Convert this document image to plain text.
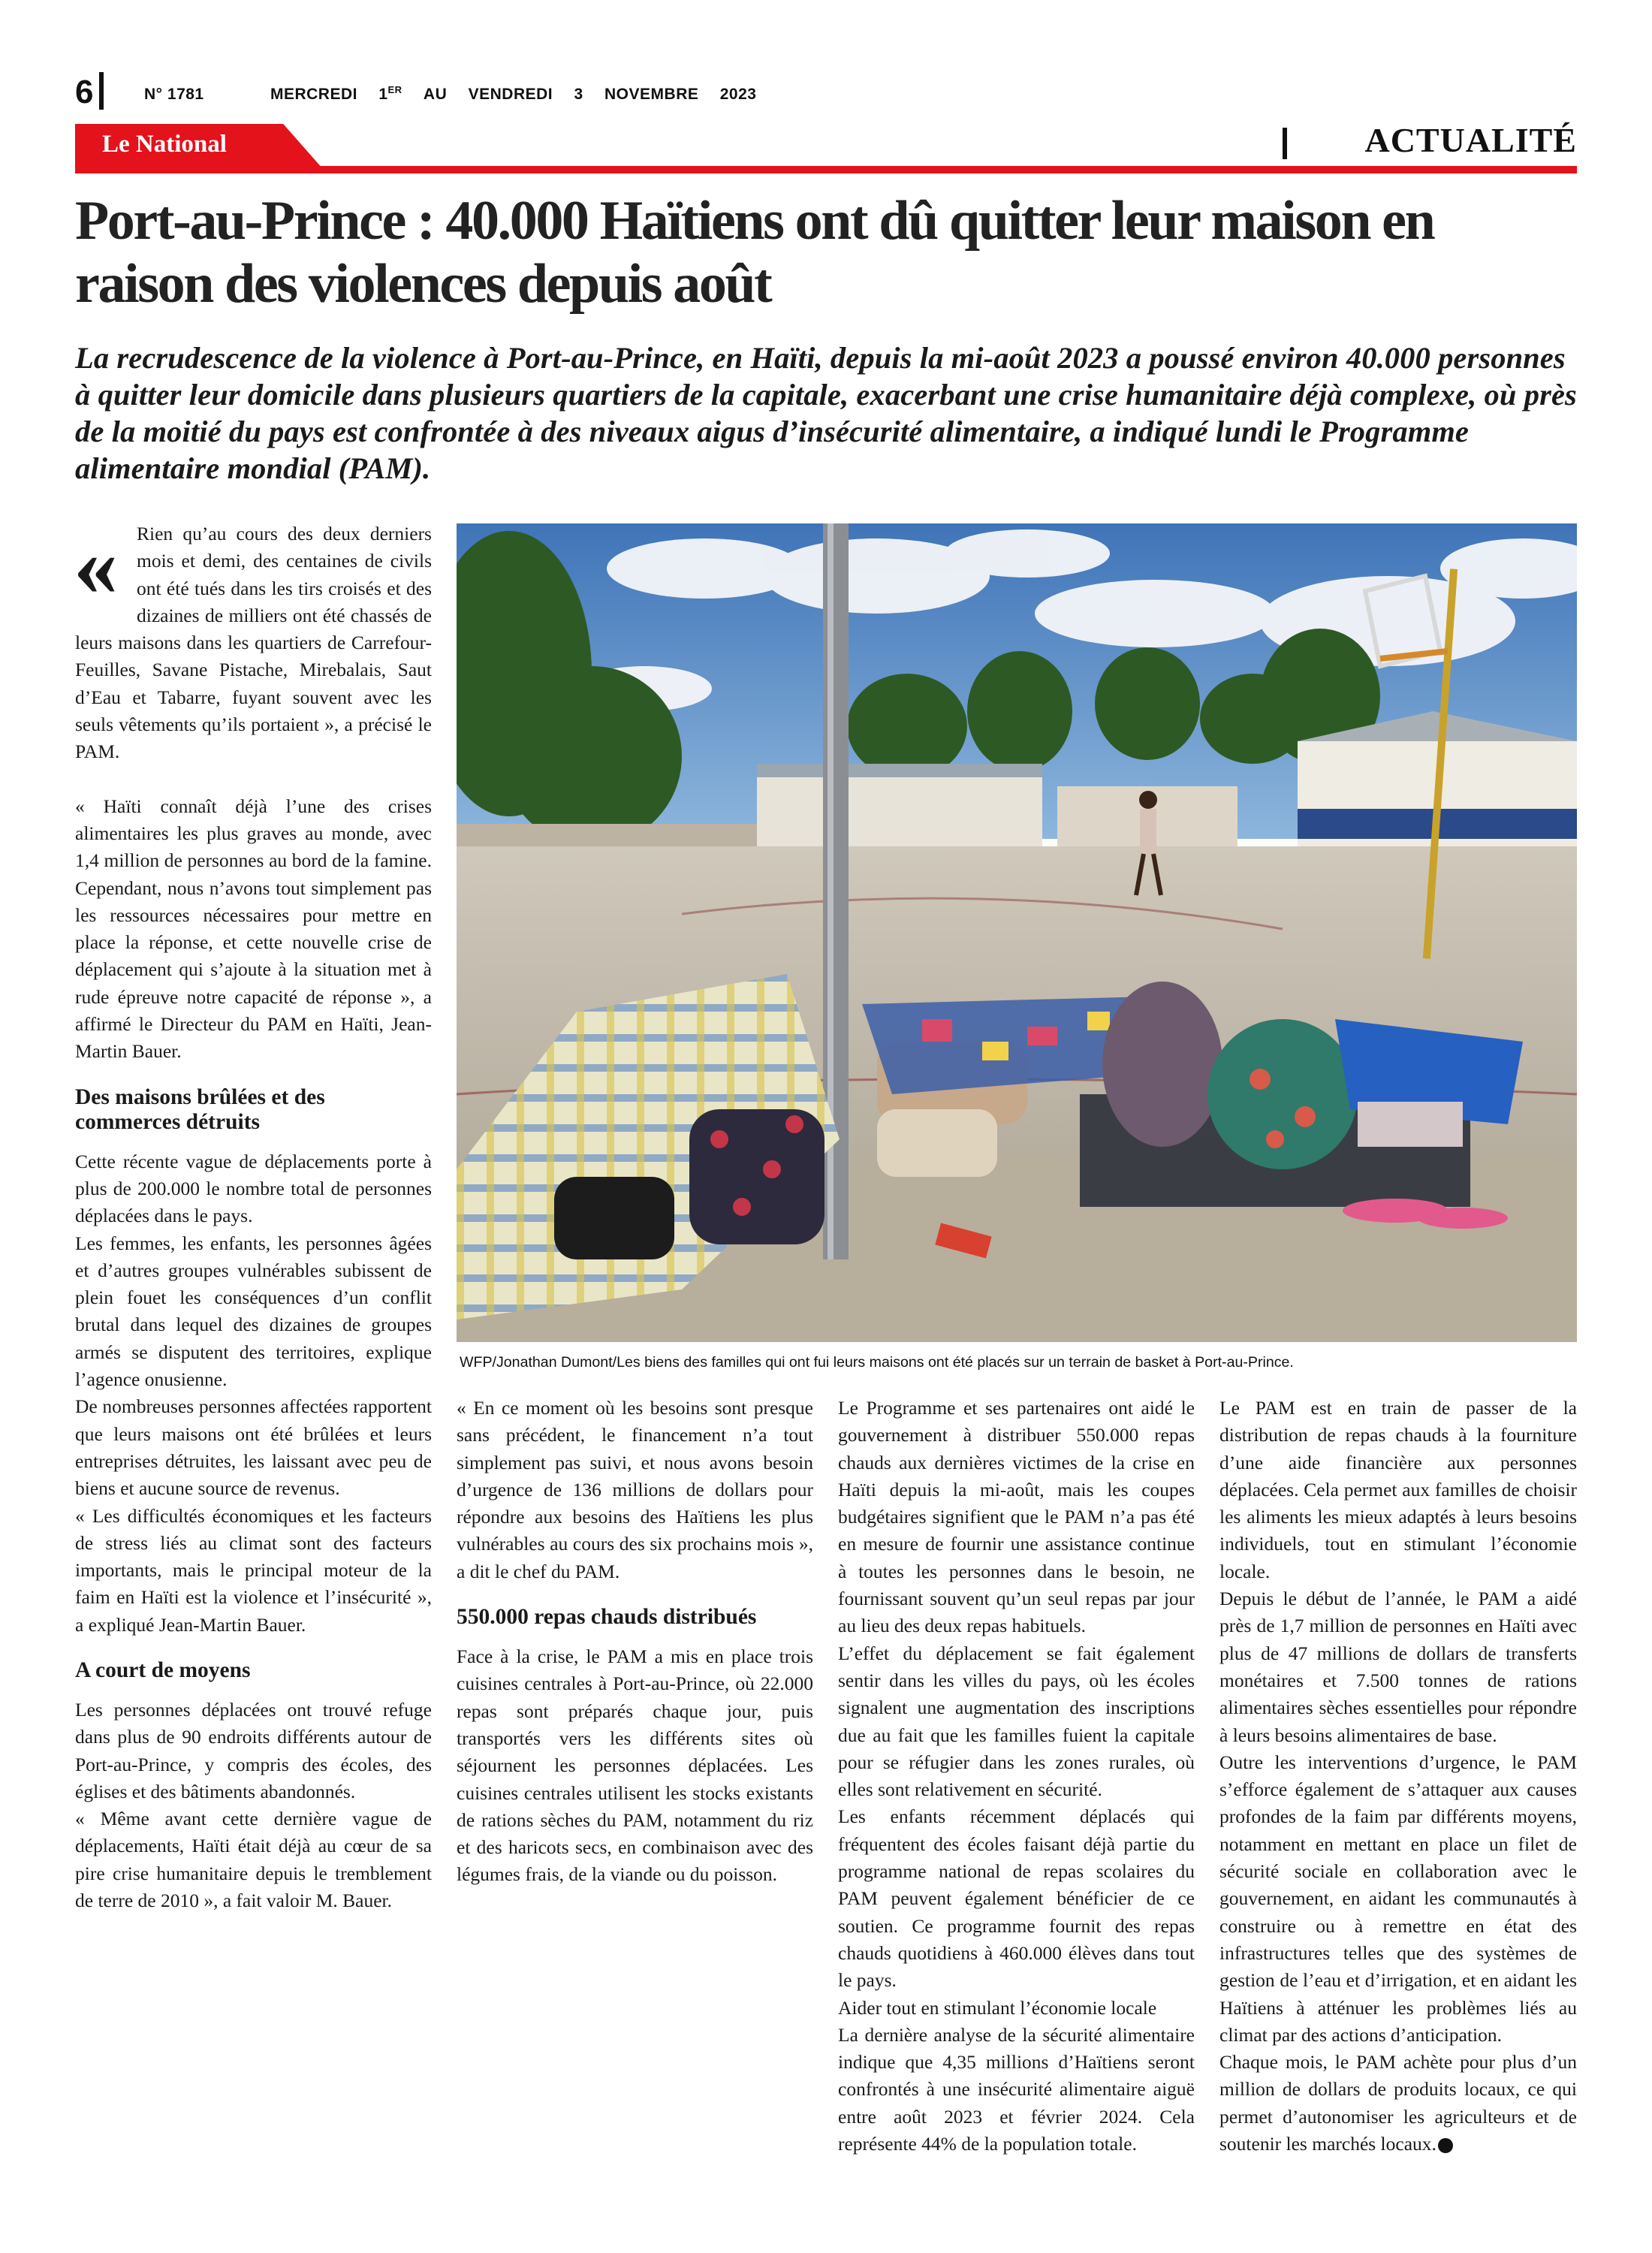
6	N° 1781	MERCREDI 1ER AU VENDREDI 3 NOVEMBRE 2023
Le National	ACTUALITÉ
Port-au-Prince : 40.000 Haïtiens ont dû quitter leur maison en raison des violences depuis août

La recrudescence de la violence à Port-au-Prince, en Haïti, depuis la mi-août 2023 a poussé environ 40.000 personnes à quitter leur domicile dans plusieurs quartiers de la capitale, exacerbant une crise humanitaire déjà complexe, où près de la moitié du pays est confrontée à des niveaux aigus d’insécurité alimentaire, a indiqué lundi le Programme alimentaire mondial (PAM).

« Rien qu’au cours des deux derniers mois et demi, des centaines de civils ont été tués dans les tirs croisés et des dizaines de milliers ont été chassés de leurs maisons dans les quartiers de Carrefour-Feuilles, Savane Pistache, Mirebalais, Saut d’Eau et Tabarre, fuyant souvent avec les seuls vêtements qu’ils portaient », a précisé le PAM.

« Haïti connaît déjà l’une des crises alimentaires les plus graves au monde, avec 1,4 million de personnes au bord de la famine. Cependant, nous n’avons tout simplement pas les ressources nécessaires pour mettre en place la réponse, et cette nouvelle crise de déplacement qui s’ajoute à la situation met à rude épreuve notre capacité de réponse », a affirmé le Directeur du PAM en Haïti, Jean-Martin Bauer.

Des maisons brûlées et des commerces détruits

Cette récente vague de déplacements porte à plus de 200.000 le nombre total de personnes déplacées dans le pays.

Les femmes, les enfants, les personnes âgées et d’autres groupes vulnérables subissent de plein fouet les conséquences d’un conflit brutal dans lequel des dizaines de groupes armés se disputent des territoires, explique l’agence onusienne.

De nombreuses personnes affectées rapportent que leurs maisons ont été brûlées et leurs entreprises détruites, les laissant avec peu de biens et aucune source de revenus.

« Les difficultés économiques et les facteurs de stress liés au climat sont des facteurs importants, mais le principal moteur de la faim en Haïti est la violence et l’insécurité », a expliqué Jean-Martin Bauer.

A court de moyens

Les personnes déplacées ont trouvé refuge dans plus de 90 endroits différents autour de Port-au-Prince, y compris des écoles, des églises et des bâtiments abandonnés.

« Même avant cette dernière vague de déplacements, Haïti était déjà au cœur de sa pire crise humanitaire depuis le tremblement de terre de 2010 », a fait valoir M. Bauer.

« En ce moment où les besoins sont presque sans précédent, le financement n’a tout simplement pas suivi, et nous avons besoin d’urgence de 136 millions de dollars pour répondre aux besoins des Haïtiens les plus vulnérables au cours des six prochains mois », a dit le chef du PAM.

550.000 repas chauds distribués

Face à la crise, le PAM a mis en place trois cuisines centrales à Port-au-Prince, où 22.000 repas sont préparés chaque jour, puis transportés vers les différents sites où séjournent les personnes déplacées. Les cuisines centrales utilisent les stocks existants de rations sèches du PAM, notamment du riz et des haricots secs, en combinaison avec des légumes frais, de la viande ou du poisson.

Le Programme et ses partenaires ont aidé le gouvernement à distribuer 550.000 repas chauds aux dernières victimes de la crise en Haïti depuis la mi-août, mais les coupes budgétaires signifient que le PAM n’a pas été en mesure de fournir une assistance continue à toutes les personnes dans le besoin, ne fournissant souvent qu’un seul repas par jour au lieu des deux repas habituels.

L’effet du déplacement se fait également sentir dans les villes du pays, où les écoles signalent une augmentation des inscriptions due au fait que les familles fuient la capitale pour se réfugier dans les zones rurales, où elles sont relativement en sécurité.

Les enfants récemment déplacés qui fréquentent des écoles faisant déjà partie du programme national de repas scolaires du PAM peuvent également bénéficier de ce soutien. Ce programme fournit des repas chauds quotidiens à 460.000 élèves dans tout le pays.

Aider tout en stimulant l’économie locale

La dernière analyse de la sécurité alimentaire indique que 4,35 millions d’Haïtiens seront confrontés à une insécurité alimentaire aiguë entre août 2023 et février 2024. Cela représente 44% de la population totale.

Le PAM est en train de passer de la distribution de repas chauds à la fourniture d’une aide financière aux personnes déplacées. Cela permet aux familles de choisir les aliments les mieux adaptés à leurs besoins individuels, tout en stimulant l’économie locale.

Depuis le début de l’année, le PAM a aidé près de 1,7 million de personnes en Haïti avec plus de 47 millions de dollars de transferts monétaires et 7.500 tonnes de rations alimentaires sèches essentielles pour répondre à leurs besoins alimentaires de base.

Outre les interventions d’urgence, le PAM s’efforce également de s’attaquer aux causes profondes de la faim par différents moyens, notamment en mettant en place un filet de sécurité sociale en collaboration avec le gouvernement, en aidant les communautés à construire ou à remettre en état des infrastructures telles que des systèmes de gestion de l’eau et d’irrigation, et en aidant les Haïtiens à atténuer les problèmes liés au climat par des actions d’anticipation.

Chaque mois, le PAM achète pour plus d’un million de dollars de produits locaux, ce qui permet d’autonomiser les agriculteurs et de soutenir les marchés locaux.

WFP/Jonathan Dumont/Les biens des familles qui ont fui leurs maisons ont été placés sur un terrain de basket à Port-au-Prince.
